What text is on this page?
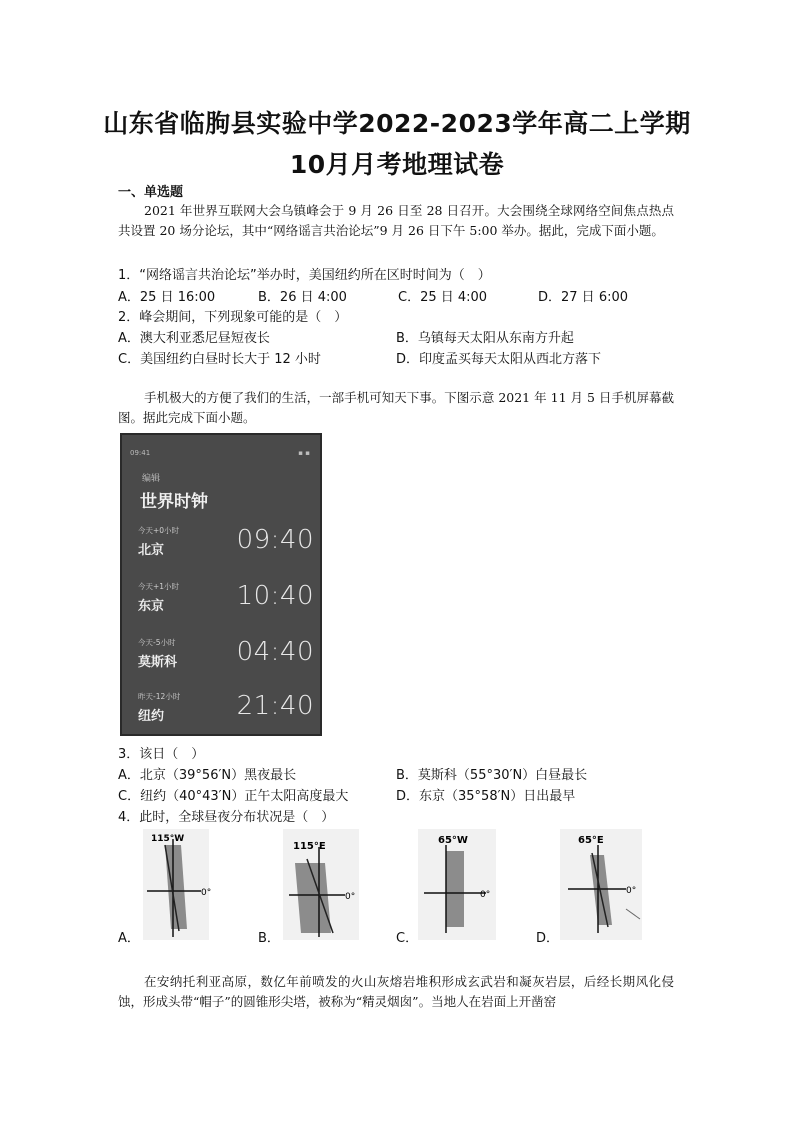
山东省临朐县实验中学2022-2023学年高二上学期
10月月考地理试卷
一、单选题
2021 年世界互联网大会乌镇峰会于 9 月 26 日至 28 日召开。大会围绕全球网络空间焦点热点共设置 20 场分论坛，其中“网络谣言共治论坛”9 月 26 日下午 5:00 举办。据此，完成下面小题。
1．“网络谣言共治论坛”举办时，美国纽约所在区时时间为（　）
A．25 日 16:00	B．26 日 4:00	C．25 日 4:00	D．27 日 6:00
2．峰会期间，下列现象可能的是（　）
A．澳大利亚悉尼昼短夜长	B．乌镇每天太阳从东南方升起
C．美国纽约白昼时长大于 12 小时	D．印度孟买每天太阳从西北方落下
手机极大的方便了我们的生活，一部手机可知天下事。下图示意 2021 年 11 月 5 日手机屏幕截图。据此完成下面小题。
09:41	▪ ▪
编辑
世界时钟
今天+0小时
北京	09:40
今天+1小时
东京	10:40
今天-5小时
莫斯科 04:40
昨天-12小时
纽约	21:40
3．该日（　）
A．北京（39°56′N）黑夜最长	B．莫斯科（55°30′N）白昼最长
C．纽约（40°43′N）正午太阳高度最大	D．东京（35°58′N）日出最早
4．此时，全球昼夜分布状况是（　）
A．
115°W
0°
B．
115°E
0°
C．
65°W
0°
D．
65°E
0°
在安纳托利亚高原，数亿年前喷发的火山灰熔岩堆积形成玄武岩和凝灰岩层，后经长期风化侵蚀，形成头带“帽子”的圆锥形尖塔，被称为“精灵烟囱”。当地人在岩面上开凿窑
